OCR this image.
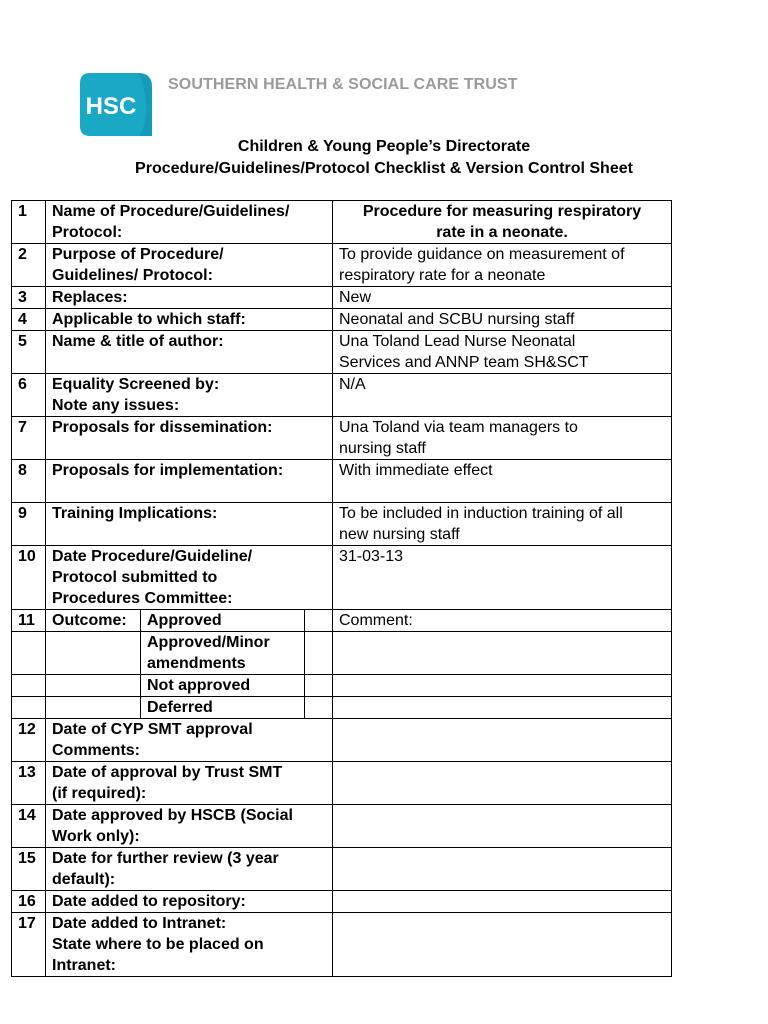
HSC
SOUTHERN HEALTH & SOCIAL CARE TRUST
Children & Young People’s Directorate
Procedure/Guidelines/Protocol Checklist & Version Control Sheet
1	Name of Procedure/Guidelines/
Protocol:			Procedure for measuring respiratory
rate in a neonate.
2	Purpose of Procedure/
Guidelines/ Protocol:			To provide guidance on measurement of
respiratory rate for a neonate
3	Replaces:			New
4	Applicable to which staff:			Neonatal and SCBU nursing staff
5	Name & title of author:			Una Toland Lead Nurse Neonatal
Services and ANNP team SH&SCT
6	Equality Screened by:
Note any issues:			N/A
7	Proposals for dissemination:			Una Toland via team managers to
nursing staff
8	Proposals for implementation:			With immediate effect
9	Training Implications:			To be included in induction training of all
new nursing staff
10	Date Procedure/Guideline/
Protocol submitted to
Procedures Committee:			31-03-13
11	Outcome:	Approved		Comment:
		Approved/Minor
amendments		
		Not approved		
		Deferred		
12	Date of CYP SMT approval
Comments:			
13	Date of approval by Trust SMT
(if required):			
14	Date approved by HSCB (Social
Work only):			
15	Date for further review (3 year
default):			
16	Date added to repository:			
17	Date added to Intranet:
State where to be placed on
Intranet:			
